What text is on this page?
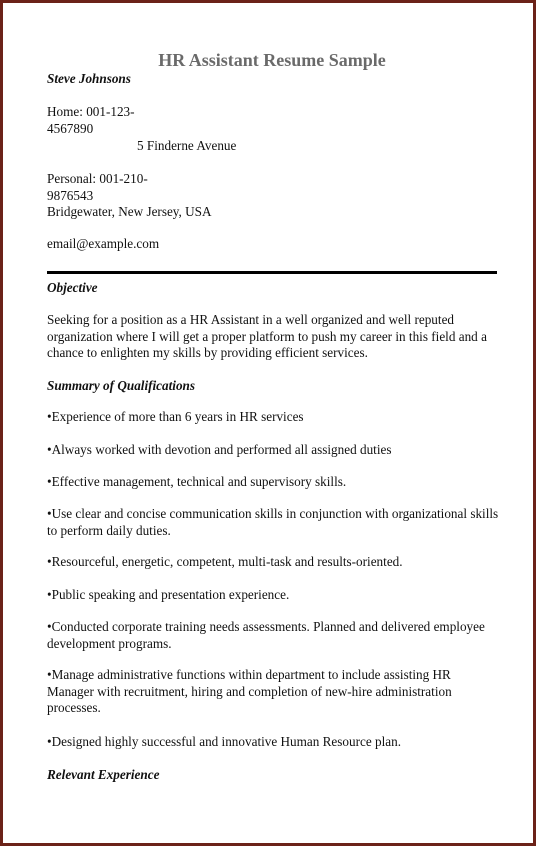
HR Assistant Resume Sample
Steve Johnsons
Home: 001-123-
4567890
5 Finderne Avenue
Personal: 001-210-
9876543
Bridgewater, New Jersey, USA
email@example.com
Objective
Seeking for a position as a HR Assistant in a well organized and well reputed organization where I will get a proper platform to push my career in this field and a chance to enlighten my skills by providing efficient services.
Summary of Qualifications
•Experience of more than 6 years in HR services
•Always worked with devotion and performed all assigned duties
•Effective management, technical and supervisory skills.
•Use clear and concise communication skills in conjunction with organizational skills to perform daily duties.
•Resourceful, energetic, competent, multi-task and results-oriented.
•Public speaking and presentation experience.
•Conducted corporate training needs assessments. Planned and delivered employee development programs.
•Manage administrative functions within department to include assisting HR Manager with recruitment, hiring and completion of new-hire administration processes.
•Designed highly successful and innovative Human Resource plan.
Relevant Experience
